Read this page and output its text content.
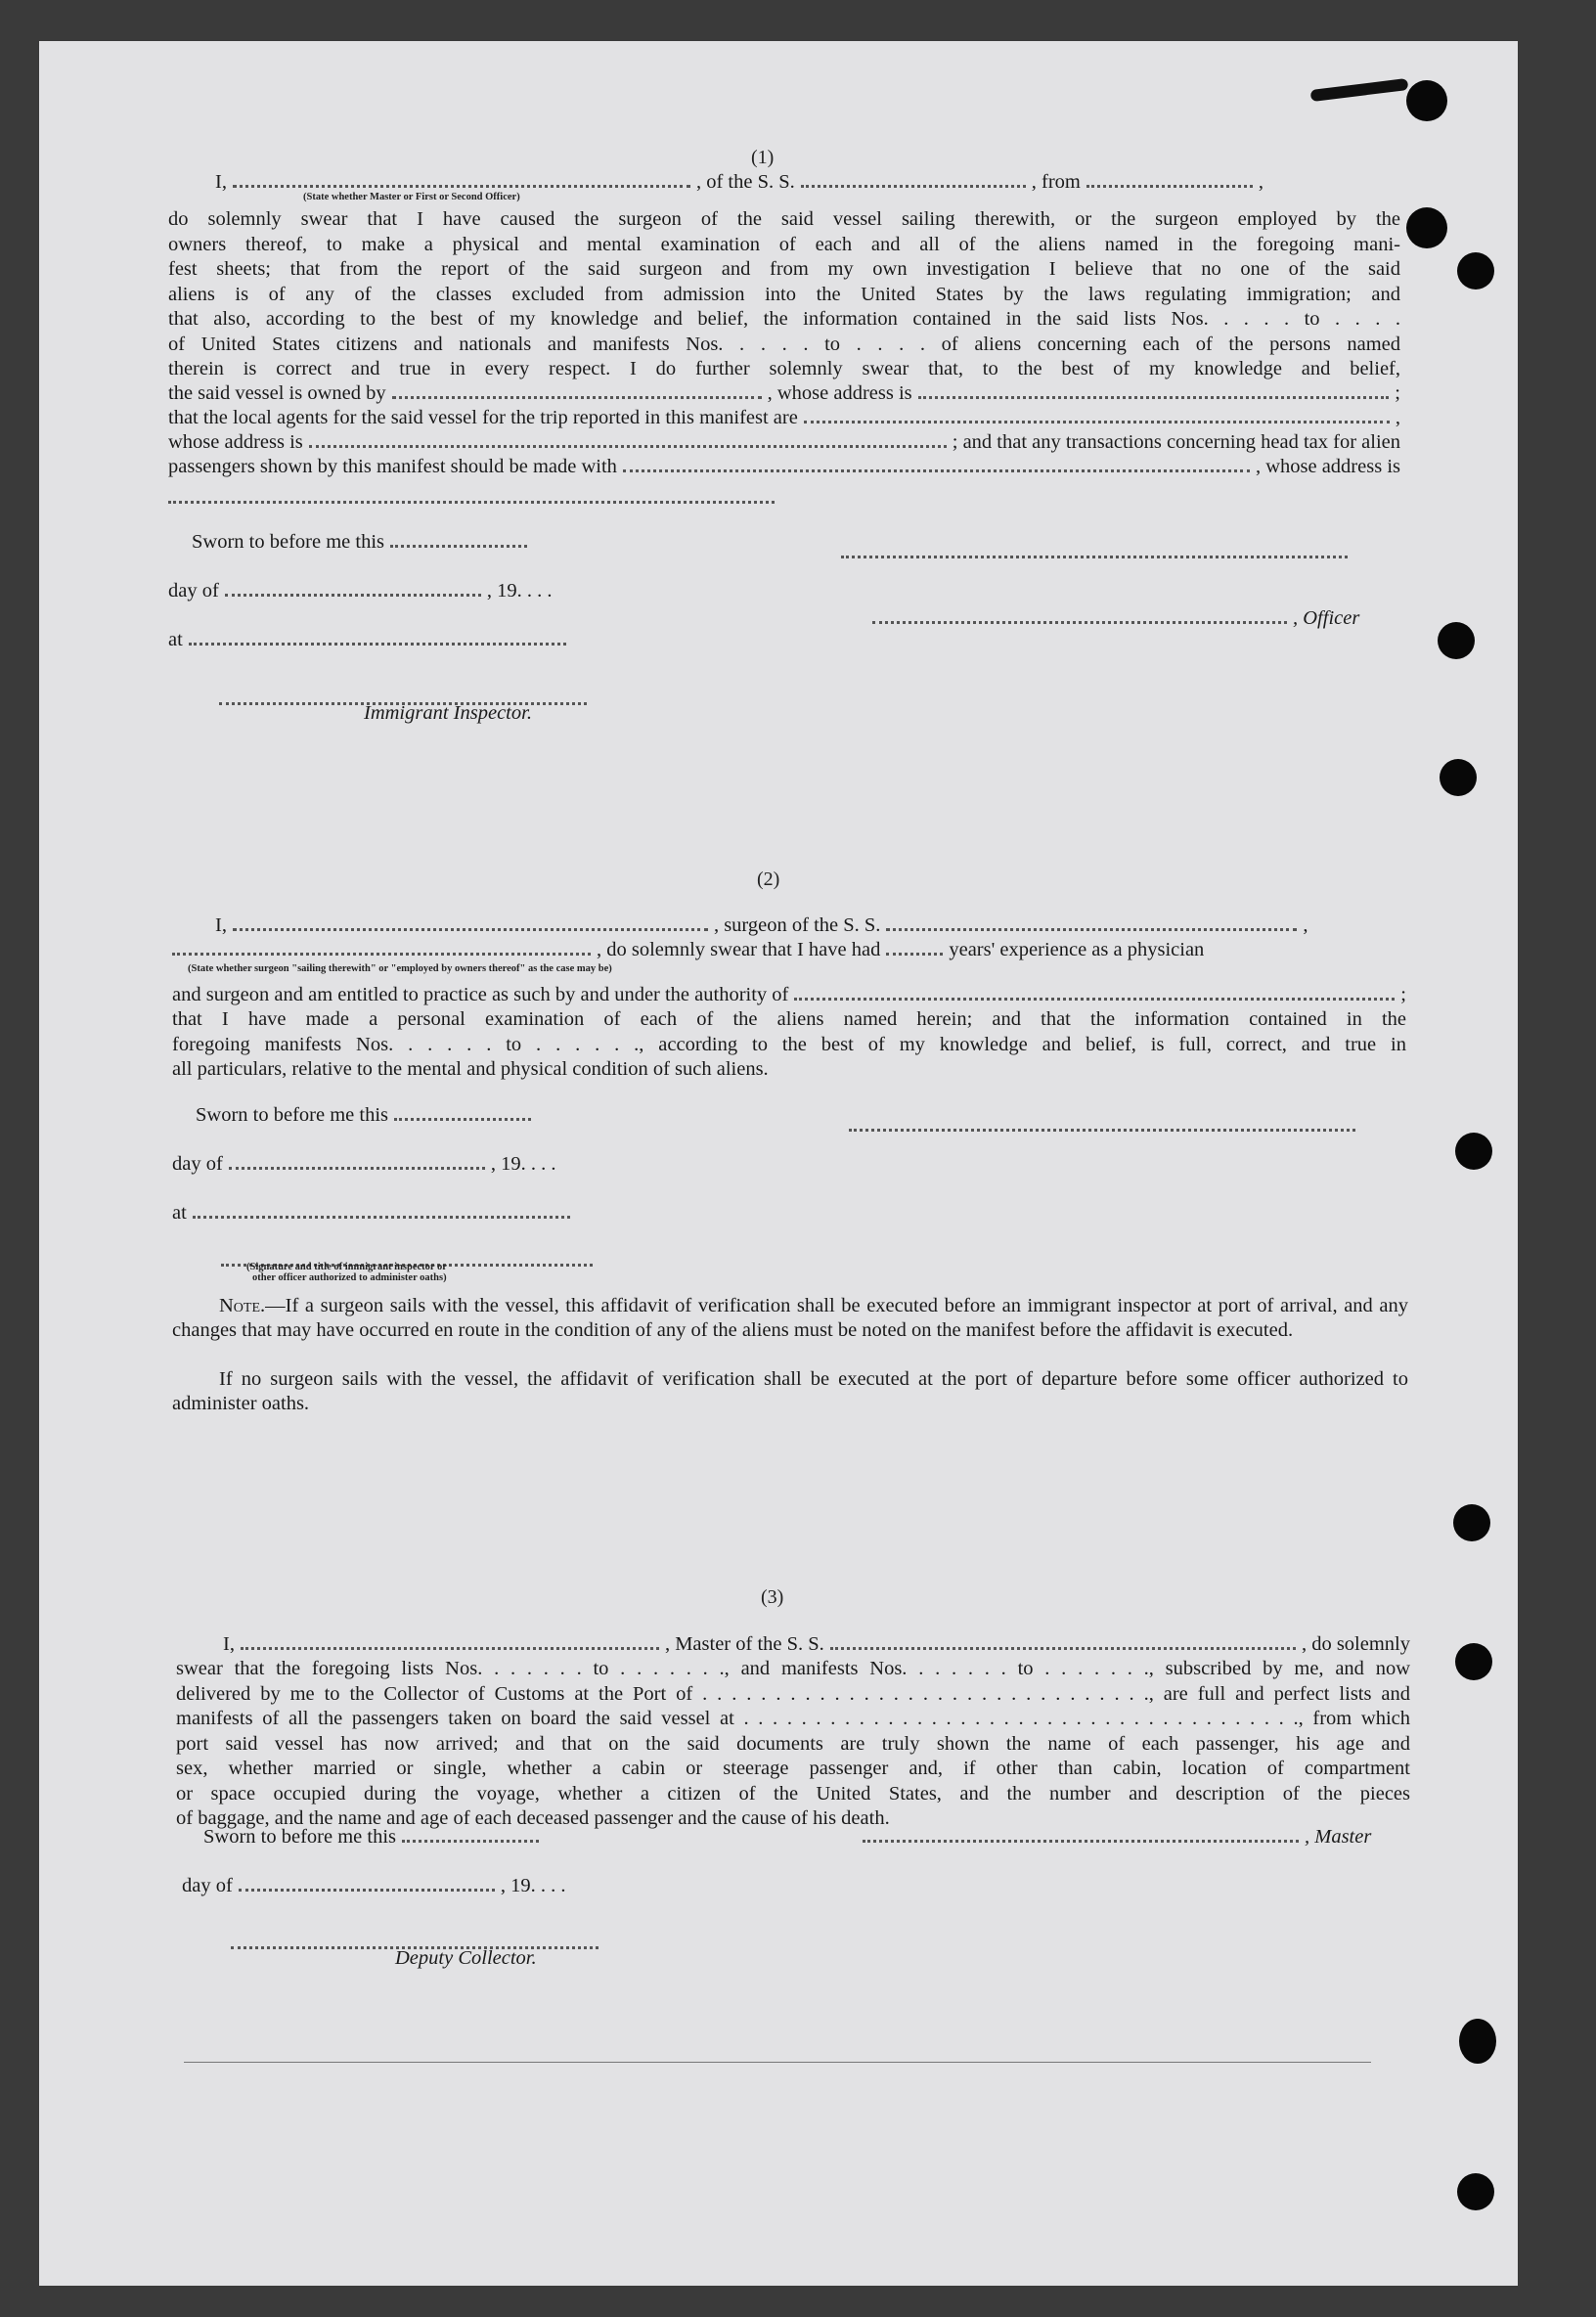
(1)
I,	, of the S. S.	, from	,
(State whether Master or First or Second Officer)
do solemnly swear that I have caused the surgeon of the said vessel sailing therewith, or the surgeon employed by the
owners thereof, to make a physical and mental examination of each and all of the aliens named in the foregoing mani-
fest sheets; that from the report of the said surgeon and from my own investigation I believe that no one of the said
aliens is of any of the classes excluded from admission into the United States by the laws regulating immigration; and
that also, according to the best of my knowledge and belief, the information contained in the said lists Nos. . . . . to . . . .
of United States citizens and nationals and manifests Nos. . . . . to . . . . of aliens concerning each of the persons named
therein is correct and true in every respect. I do further solemnly swear that, to the best of my knowledge and belief,
the said vessel is owned by	, whose address is	;
that the local agents for the said vessel for the trip reported in this manifest are	,
whose address is	; and that any transactions concerning head tax for alien
passengers shown by this manifest should be made with	, whose address is
Sworn to before me this
day of	, 19. . . .
, Officer
at
Immigrant Inspector.
(2)
I,	, surgeon of the S. S.	,
, do solemnly swear that I have had	years' experience as a physician
(State whether surgeon "sailing therewith" or "employed by owners thereof" as the case may be)
and surgeon and am entitled to practice as such by and under the authority of	;
that I have made a personal examination of each of the aliens named herein; and that the information contained in the
foregoing manifests Nos. . . . . . to . . . . . ., according to the best of my knowledge and belief, is full, correct, and true in
all particulars, relative to the mental and physical condition of such aliens.
Sworn to before me this
day of	, 19. . . .
at
(Signature and title of immigrant inspector or
other officer authorized to administer oaths)
Note.—If a surgeon sails with the vessel, this affidavit of verification shall be executed before an immigrant inspector at port of arrival, and any changes that may have occurred en route in the condition of any of the aliens must be noted on the manifest before the affidavit is executed.
If no surgeon sails with the vessel, the affidavit of verification shall be executed at the port of departure before some officer authorized to administer oaths.
(3)
I,	, Master of the S. S.	, do solemnly
swear that the foregoing lists Nos. . . . . . . to . . . . . . ., and manifests Nos. . . . . . . to . . . . . . ., subscribed by me, and now
delivered by me to the Collector of Customs at the Port of . . . . . . . . . . . . . . . . . . . . . . . . . . . . . . ., are full and perfect lists and
manifests of all the passengers taken on board the said vessel at . . . . . . . . . . . . . . . . . . . . . . . . . . . . . . . . . . . . . . ., from which
port said vessel has now arrived; and that on the said documents are truly shown the name of each passenger, his age and
sex, whether married or single, whether a cabin or steerage passenger and, if other than cabin, location of compartment
or space occupied during the voyage, whether a citizen of the United States, and the number and description of the pieces
of baggage, and the name and age of each deceased passenger and the cause of his death.
Sworn to before me this	, Master
day of	, 19. . . .
Deputy Collector.
